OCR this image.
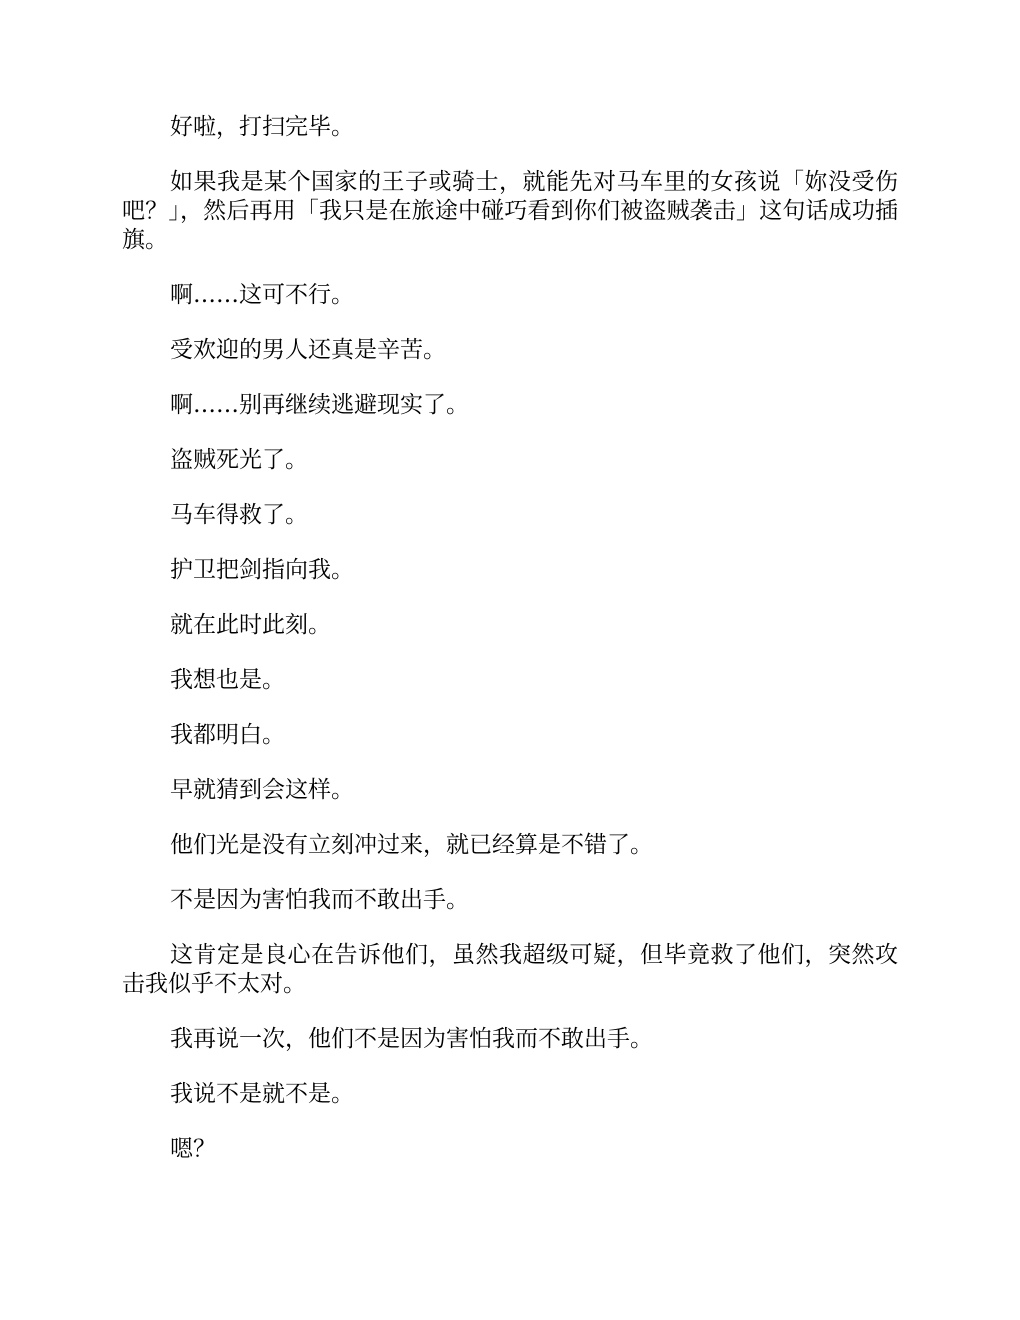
好啦，打扫完毕。

如果我是某个国家的王子或骑士，就能先对马车里的女孩说「妳没受伤吧？」，然后再用「我只是在旅途中碰巧看到你们被盗贼袭击」这句话成功插旗。

啊……这可不行。

受欢迎的男人还真是辛苦。

啊……别再继续逃避现实了。

盗贼死光了。

马车得救了。

护卫把剑指向我。

就在此时此刻。

我想也是。

我都明白。

早就猜到会这样。

他们光是没有立刻冲过来，就已经算是不错了。

不是因为害怕我而不敢出手。

这肯定是良心在告诉他们，虽然我超级可疑，但毕竟救了他们，突然攻击我似乎不太对。

我再说一次，他们不是因为害怕我而不敢出手。

我说不是就不是。

嗯？
